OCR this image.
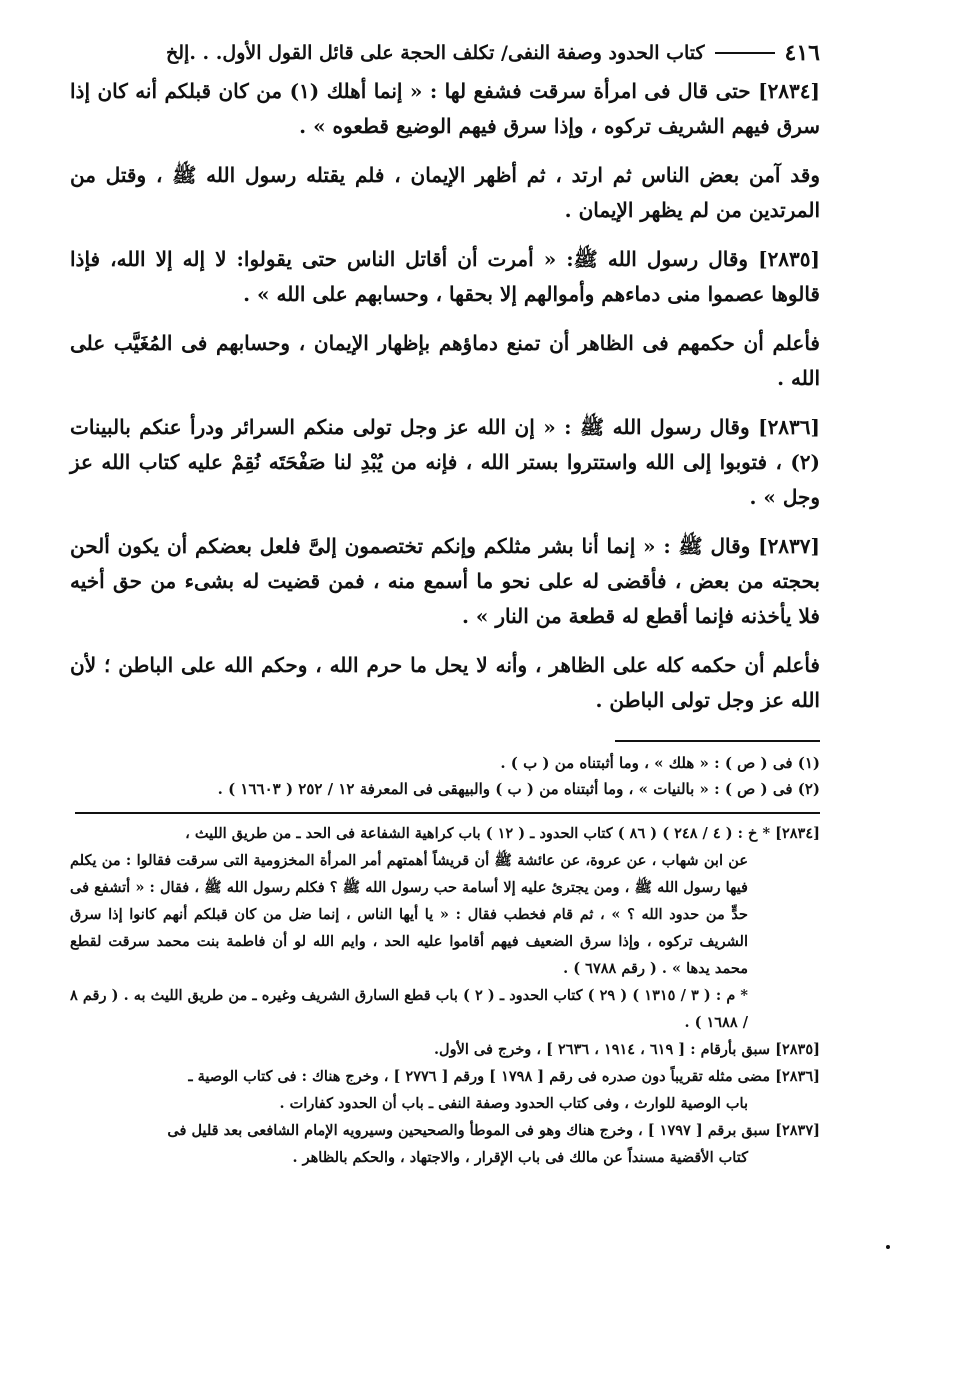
٤١٦
كتاب الحدود وصفة النفى/ تكلف الحجة على قائل القول الأول. . .إلخ

[٢٨٣٤] حتى قال فى امرأة سرقت فشفع لها : « إنما أهلك (١) من كان قبلكم أنه كان إذا سرق فيهم الشريف تركوه ، وإذا سرق فيهم الوضيع قطعوه » .

وقد آمن بعض الناس ثم ارتد ، ثم أظهر الإيمان ، فلم يقتله رسول الله ﷺ ، وقتل من المرتدين من لم يظهر الإيمان .

[٢٨٣٥] وقال رسول الله ﷺ: « أمرت أن أقاتل الناس حتى يقولوا: لا إله إلا الله، فإذا قالوها عصموا منى دماءهم وأموالهم إلا بحقها ، وحسابهم على الله » .

فأعلم أن حكمهم فى الظاهر أن تمنع دماؤهم بإظهار الإيمان ، وحسابهم فى المُغَيَّب على الله .

[٢٨٣٦] وقال رسول الله ﷺ : « إن الله عز وجل تولى منكم السرائر ودرأ عنكم بالبينات (٢) ، فتوبوا إلى الله واستتروا بستر الله ، فإنه من يُبْدِ لنا صَفْحَتَه نُقِمْ عليه كتاب الله عز وجل » .

[٢٨٣٧] وقال ﷺ : « إنما أنا بشر مثلكم وإنكم تختصمون إلىَّ فلعل بعضكم أن يكون ألحن بحجته من بعض ، فأقضى له على نحو ما أسمع منه ، فمن قضيت له بشىء من حق أخيه فلا يأخذنه فإنما أقطع له قطعة من النار » .

فأعلم أن حكمه كله على الظاهر ، وأنه لا يحل ما حرم الله ، وحكم الله على الباطن ؛ لأن الله عز وجل تولى الباطن .

(١) فى ( ص ) : « هلك » ، وما أثبتناه من ( ب ) .

(٢) فى ( ص ) : « بالنيات » ، وما أثبتناه من ( ب ) والبيهقى فى المعرفة ١٢ / ٢٥٢ ( ١٦٦٠٣ ) .

[٢٨٣٤] * خ : ( ٤ / ٢٤٨ ) ( ٨٦ ) كتاب الحدود ـ ( ١٢ ) باب كراهية الشفاعة فى الحد ـ من طريق الليث ،

عن ابن شهاب ، عن عروة، عن عائشة ﷺ أن قريشاً أهمتهم أمر المرأة المخزومية التى سرقت فقالوا : من يكلم فيها رسول الله ﷺ ، ومن يجترئ عليه إلا أسامة حب رسول الله ﷺ ؟ فكلم رسول الله ﷺ ، فقال : « أتشفع فى حدٍّ من حدود الله ؟ » ، ثم قام فخطب فقال : « يا أيها الناس ، إنما ضل من كان قبلكم أنهم كانوا إذا سرق الشريف تركوه ، وإذا سرق الضعيف فيهم أقاموا عليه الحد ، وايم الله لو أن فاطمة بنت محمد سرقت لقطع محمد يدها » . ( رقم ٦٧٨٨ ) .

* م : ( ٣ / ١٣١٥ ) ( ٢٩ ) كتاب الحدود ـ ( ٢ ) باب قطع السارق الشريف وغيره ـ من طريق الليث به . ( رقم ٨ / ١٦٨٨ ) .

[٢٨٣٥] سبق بأرقام : [ ٦١٩ ، ١٩١٤ ، ٢٦٣٦ ] ، وخرج فى الأول.

[٢٨٣٦] مضى مثله تقريباً دون صدره فى رقم [ ١٧٩٨ ] ورقم [ ٢٧٧٦ ] ، وخرج هناك : فى كتاب الوصية ـ

باب الوصية للوارث ، وفى كتاب الحدود وصفة النفى ـ باب أن الحدود كفارات .

[٢٨٣٧] سبق برقم [ ١٧٩٧ ] ، وخرج هناك وهو فى الموطأ والصحيحين وسيرويه الإمام الشافعى بعد قليل فى

كتاب الأقضية مسنداً عن مالك فى باب الإقرار ، والاجتهاد ، والحكم بالظاهر .
